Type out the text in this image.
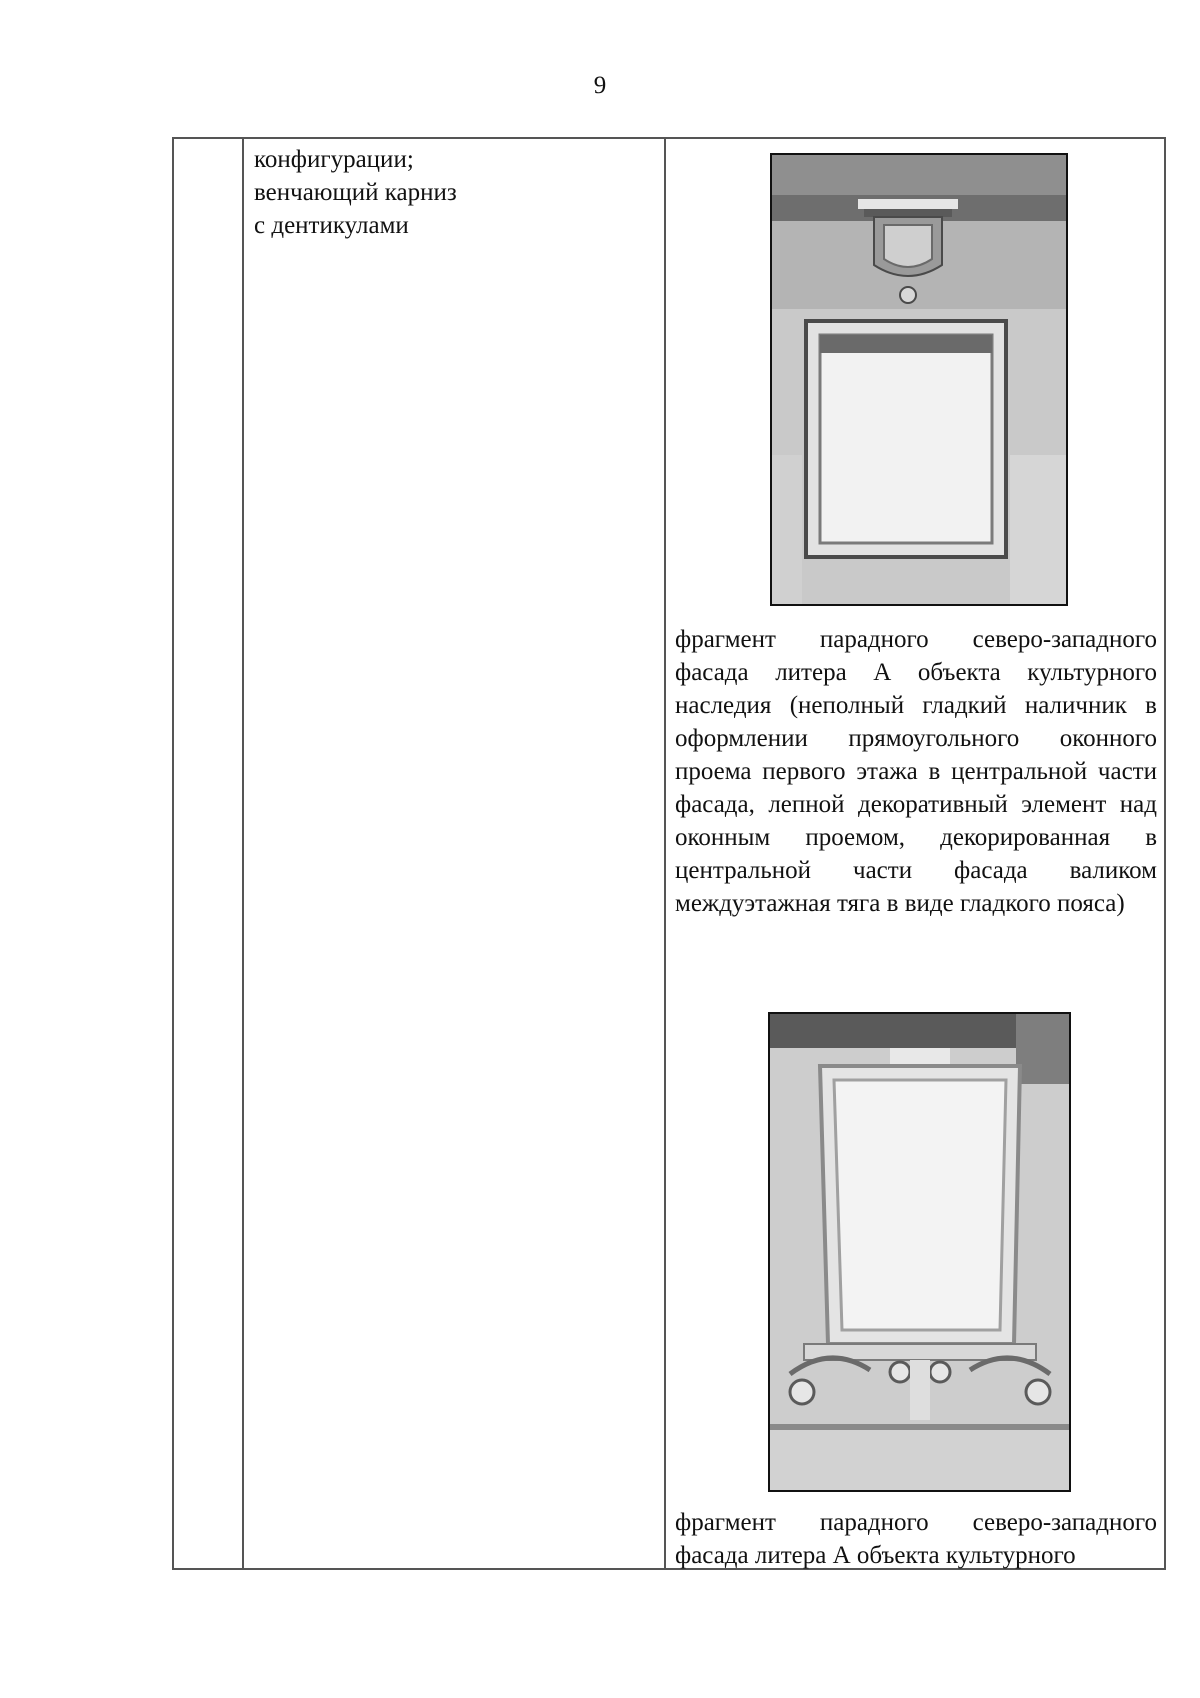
9
конфигурации;
венчающий карниз
с дентикулами
фрагмент парадного северо-западного фасада литера А объекта культурного наследия (неполный гладкий наличник в оформлении прямоугольного оконного проема первого этажа в центральной части фасада, лепной декоративный элемент над оконным проемом, декорированная в центральной части фасада валиком междуэтажная тяга в виде гладкого пояса)
фрагмент парадного северо-западного фасада литера А объекта культурного
